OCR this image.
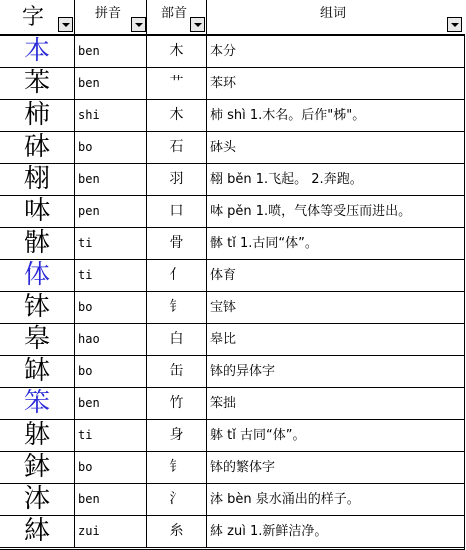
字	拼音	部首	组词
本	ben	木	本分
苯	ben	艹	苯环
柿	shi	木	柿 shì 1.木名。后作"柹"。
砵	bo	石	砵头
翉	ben	羽	翉 běn 1.飞起。 2.奔跑。
呠	pen	口	呠 pěn 1.喷，气体等受压而进出。
骵	ti	骨	骵 tǐ 1.古同“体”。
体	ti	亻	体育
钵	bo	钅	宝钵
皋	hao	白	皋比
缽	bo	缶	钵的异体字
笨	ben	竹	笨拙
躰	ti	身	躰 tǐ 古同“体”。
鉢	bo	钅	钵的繁体字
泍	ben	氵	泍 bèn 泉水涌出的样子。
絊	zui	糸	絊 zuì 1.新鲜洁净。
